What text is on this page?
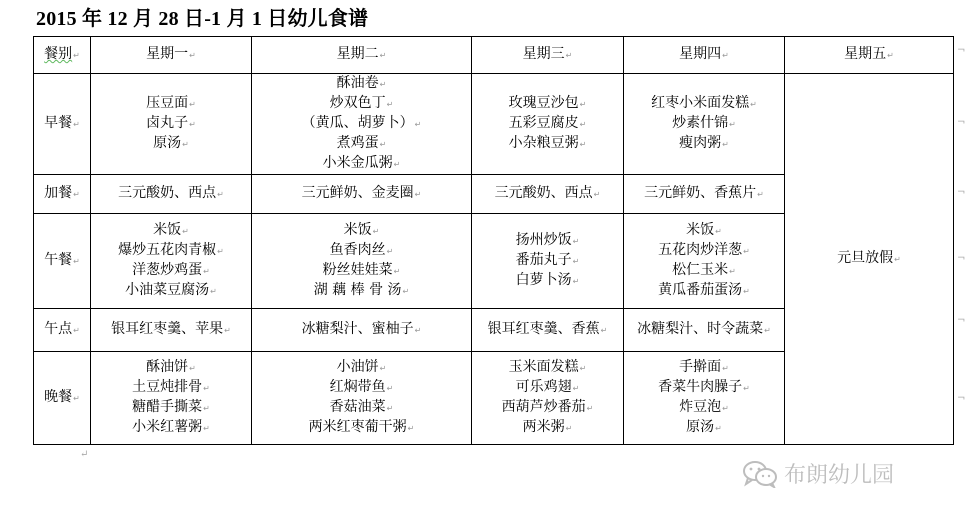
2015 年 12 月 28 日-1 月 1 日幼儿食谱
餐别↵	星期一↵	星期二↵	星期三↵	星期四↵	星期五↵
早餐↵	压豆面↵
卤丸子↵
原汤↵	酥油卷↵
炒双色丁↵
（黄瓜、胡萝卜）↵
煮鸡蛋↵
小米金瓜粥↵	玫瑰豆沙包↵
五彩豆腐皮↵
小杂粮豆粥↵	红枣小米面发糕↵
炒素什锦↵
瘦肉粥↵	元旦放假↵
加餐↵	三元酸奶、西点↵	三元鲜奶、金麦圈↵	三元酸奶、西点↵	三元鲜奶、香蕉片↵	

午餐↵	米饭↵
爆炒五花肉青椒↵
洋葱炒鸡蛋↵
小油菜豆腐汤↵	米饭↵
鱼香肉丝↵
粉丝娃娃菜↵
湖 藕 棒 骨 汤↵	扬州炒饭↵
番茄丸子↵
白萝卜汤↵	米饭↵
五花肉炒洋葱↵
松仁玉米↵
黄瓜番茄蛋汤↵	

午点↵	银耳红枣羹、苹果↵	冰糖梨汁、蜜柚子↵	银耳红枣羹、香蕉↵	冰糖梨汁、时令蔬菜↵	

晚餐↵	酥油饼↵
土豆炖排骨↵
糖醋手撕菜↵
小米红薯粥↵	小油饼↵
红焖带鱼↵
香菇油菜↵
两米红枣葡干粥↵	玉米面发糕↵
可乐鸡翅↵
西葫芦炒番茄↵
两米粥↵	手擀面↵
香菜牛肉臊子↵
炸豆泡↵
原汤↵	
¬
¬
¬
¬
¬
¬
↵
布朗幼儿园
